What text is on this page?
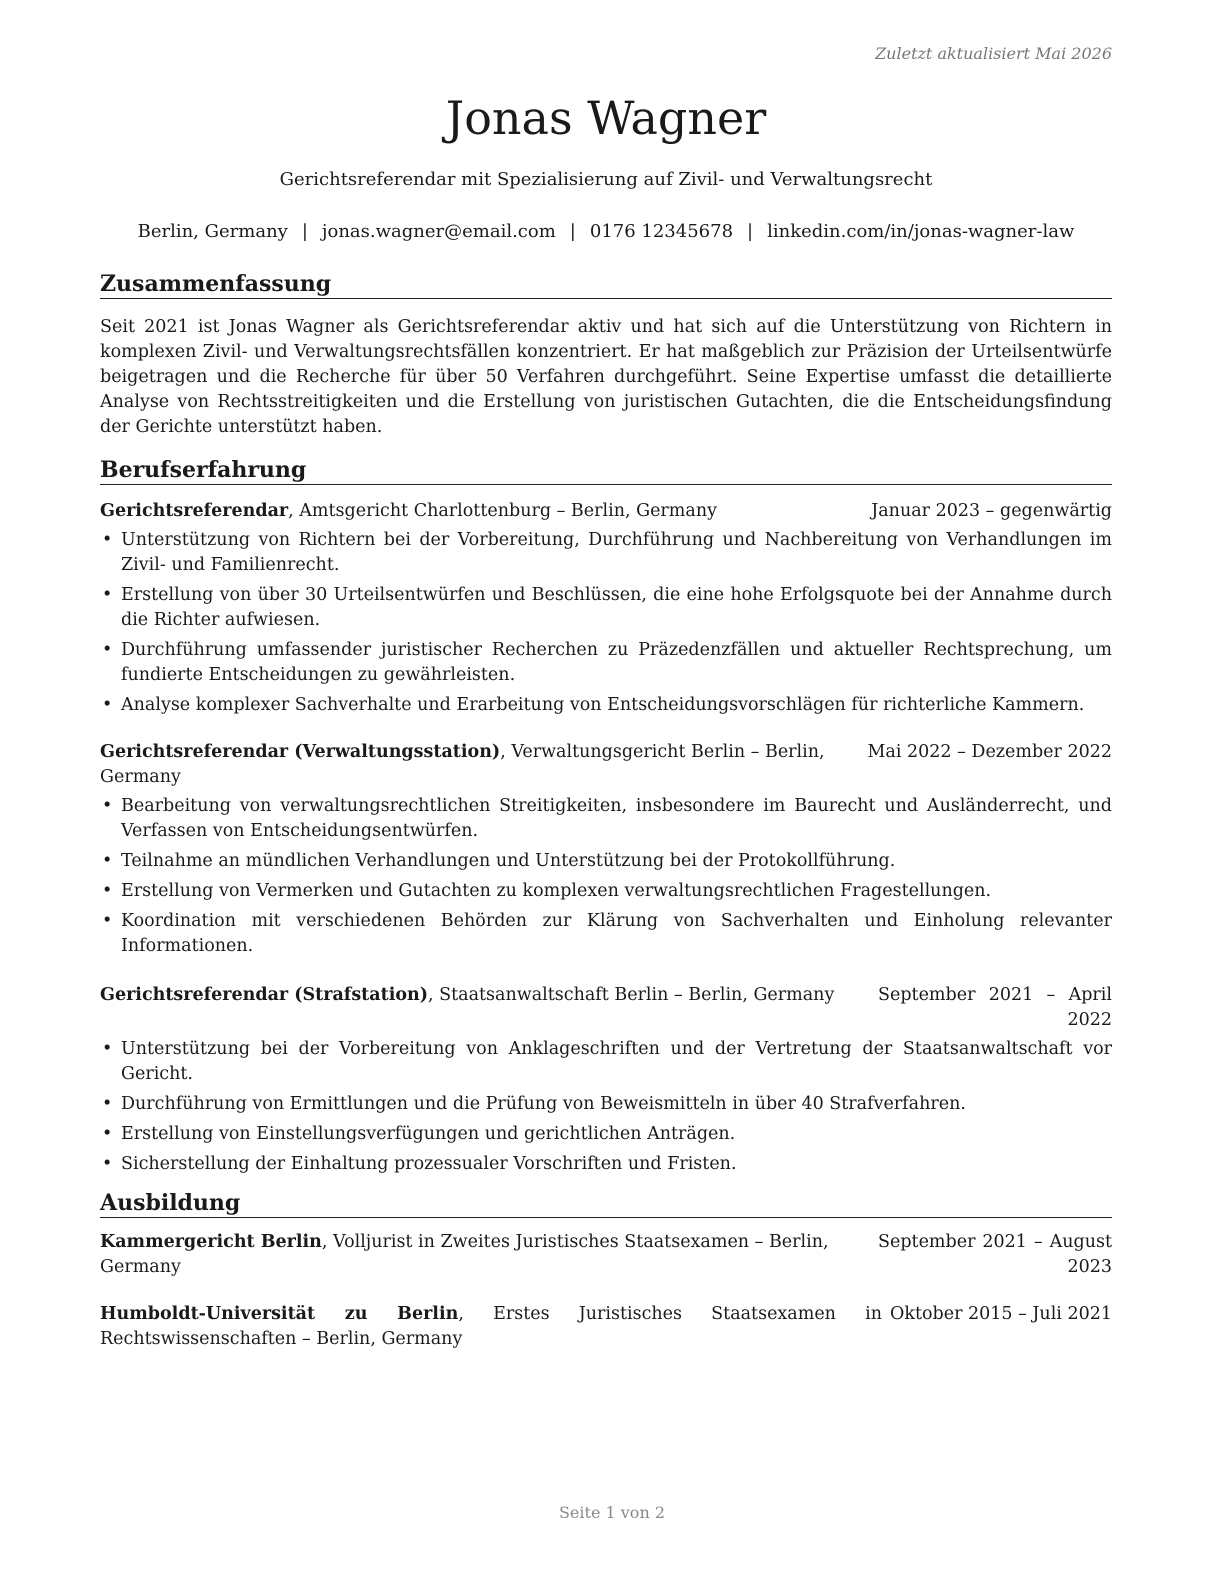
Zuletzt aktualisiert Mai 2026
Jonas Wagner
Gerichtsreferendar mit Spezialisierung auf Zivil- und Verwaltungsrecht
Berlin, Germany | jonas.wagner@email.com | 0176 12345678 | linkedin.com/in/jonas-wagner-law
Zusammenfassung
Seit 2021 ist Jonas Wagner als Gerichtsreferendar aktiv und hat sich auf die Unterstützung von Richtern in komplexen Zivil- und Verwaltungsrechtsfällen konzentriert. Er hat maßgeblich zur Präzision der Urteilsentwürfe beigetragen und die Recherche für über 50 Verfahren durchgeführt. Seine Expertise umfasst die detaillierte Analyse von Rechtsstreitigkeiten und die Erstellung von juristischen Gutachten, die die Entscheidungsfindung der Gerichte unterstützt haben.
Berufserfahrung
Gerichtsreferendar, Amtsgericht Charlottenburg – Berlin, Germany	Januar 2023 – gegenwärtig
• Unterstützung von Richtern bei der Vorbereitung, Durchführung und Nachbereitung von Verhandlungen im Zivil- und Familienrecht.
• Erstellung von über 30 Urteilsentwürfen und Beschlüssen, die eine hohe Erfolgsquote bei der Annahme durch die Richter aufwiesen.
• Durchführung umfassender juristischer Recherchen zu Präzedenzfällen und aktueller Rechtsprechung, um fundierte Entscheidungen zu gewährleisten.
• Analyse komplexer Sachverhalte und Erarbeitung von Entscheidungsvorschlägen für richterliche Kammern.
Gerichtsreferendar (Verwaltungsstation), Verwaltungsgericht Berlin – Berlin, Germany
Mai 2022 – Dezember 2022
• Bearbeitung von verwaltungsrechtlichen Streitigkeiten, insbesondere im Baurecht und Ausländerrecht, und Verfassen von Entscheidungsentwürfen.
• Teilnahme an mündlichen Verhandlungen und Unterstützung bei der Protokollführung.
• Erstellung von Vermerken und Gutachten zu komplexen verwaltungsrechtlichen Fragestellungen.
• Koordination mit verschiedenen Behörden zur Klärung von Sachverhalten und Einholung relevanter Informationen.
Gerichtsreferendar (Strafstation), Staatsanwaltschaft Berlin – Berlin, Germany	September 2021 – April 2022
• Unterstützung bei der Vorbereitung von Anklageschriften und der Vertretung der Staatsanwaltschaft vor Gericht.
• Durchführung von Ermittlungen und die Prüfung von Beweismitteln in über 40 Strafverfahren.
• Erstellung von Einstellungsverfügungen und gerichtlichen Anträgen.
• Sicherstellung der Einhaltung prozessualer Vorschriften und Fristen.
Ausbildung
Kammergericht Berlin, Volljurist in Zweites Juristisches Staatsexamen – Berlin, Germany
September 2021 – August 2023
Humboldt-Universität zu Berlin, Erstes Juristisches Staatsexamen in Rechtswissenschaften – Berlin, Germany
Oktober 2015 – Juli 2021
Seite 1 von 2
